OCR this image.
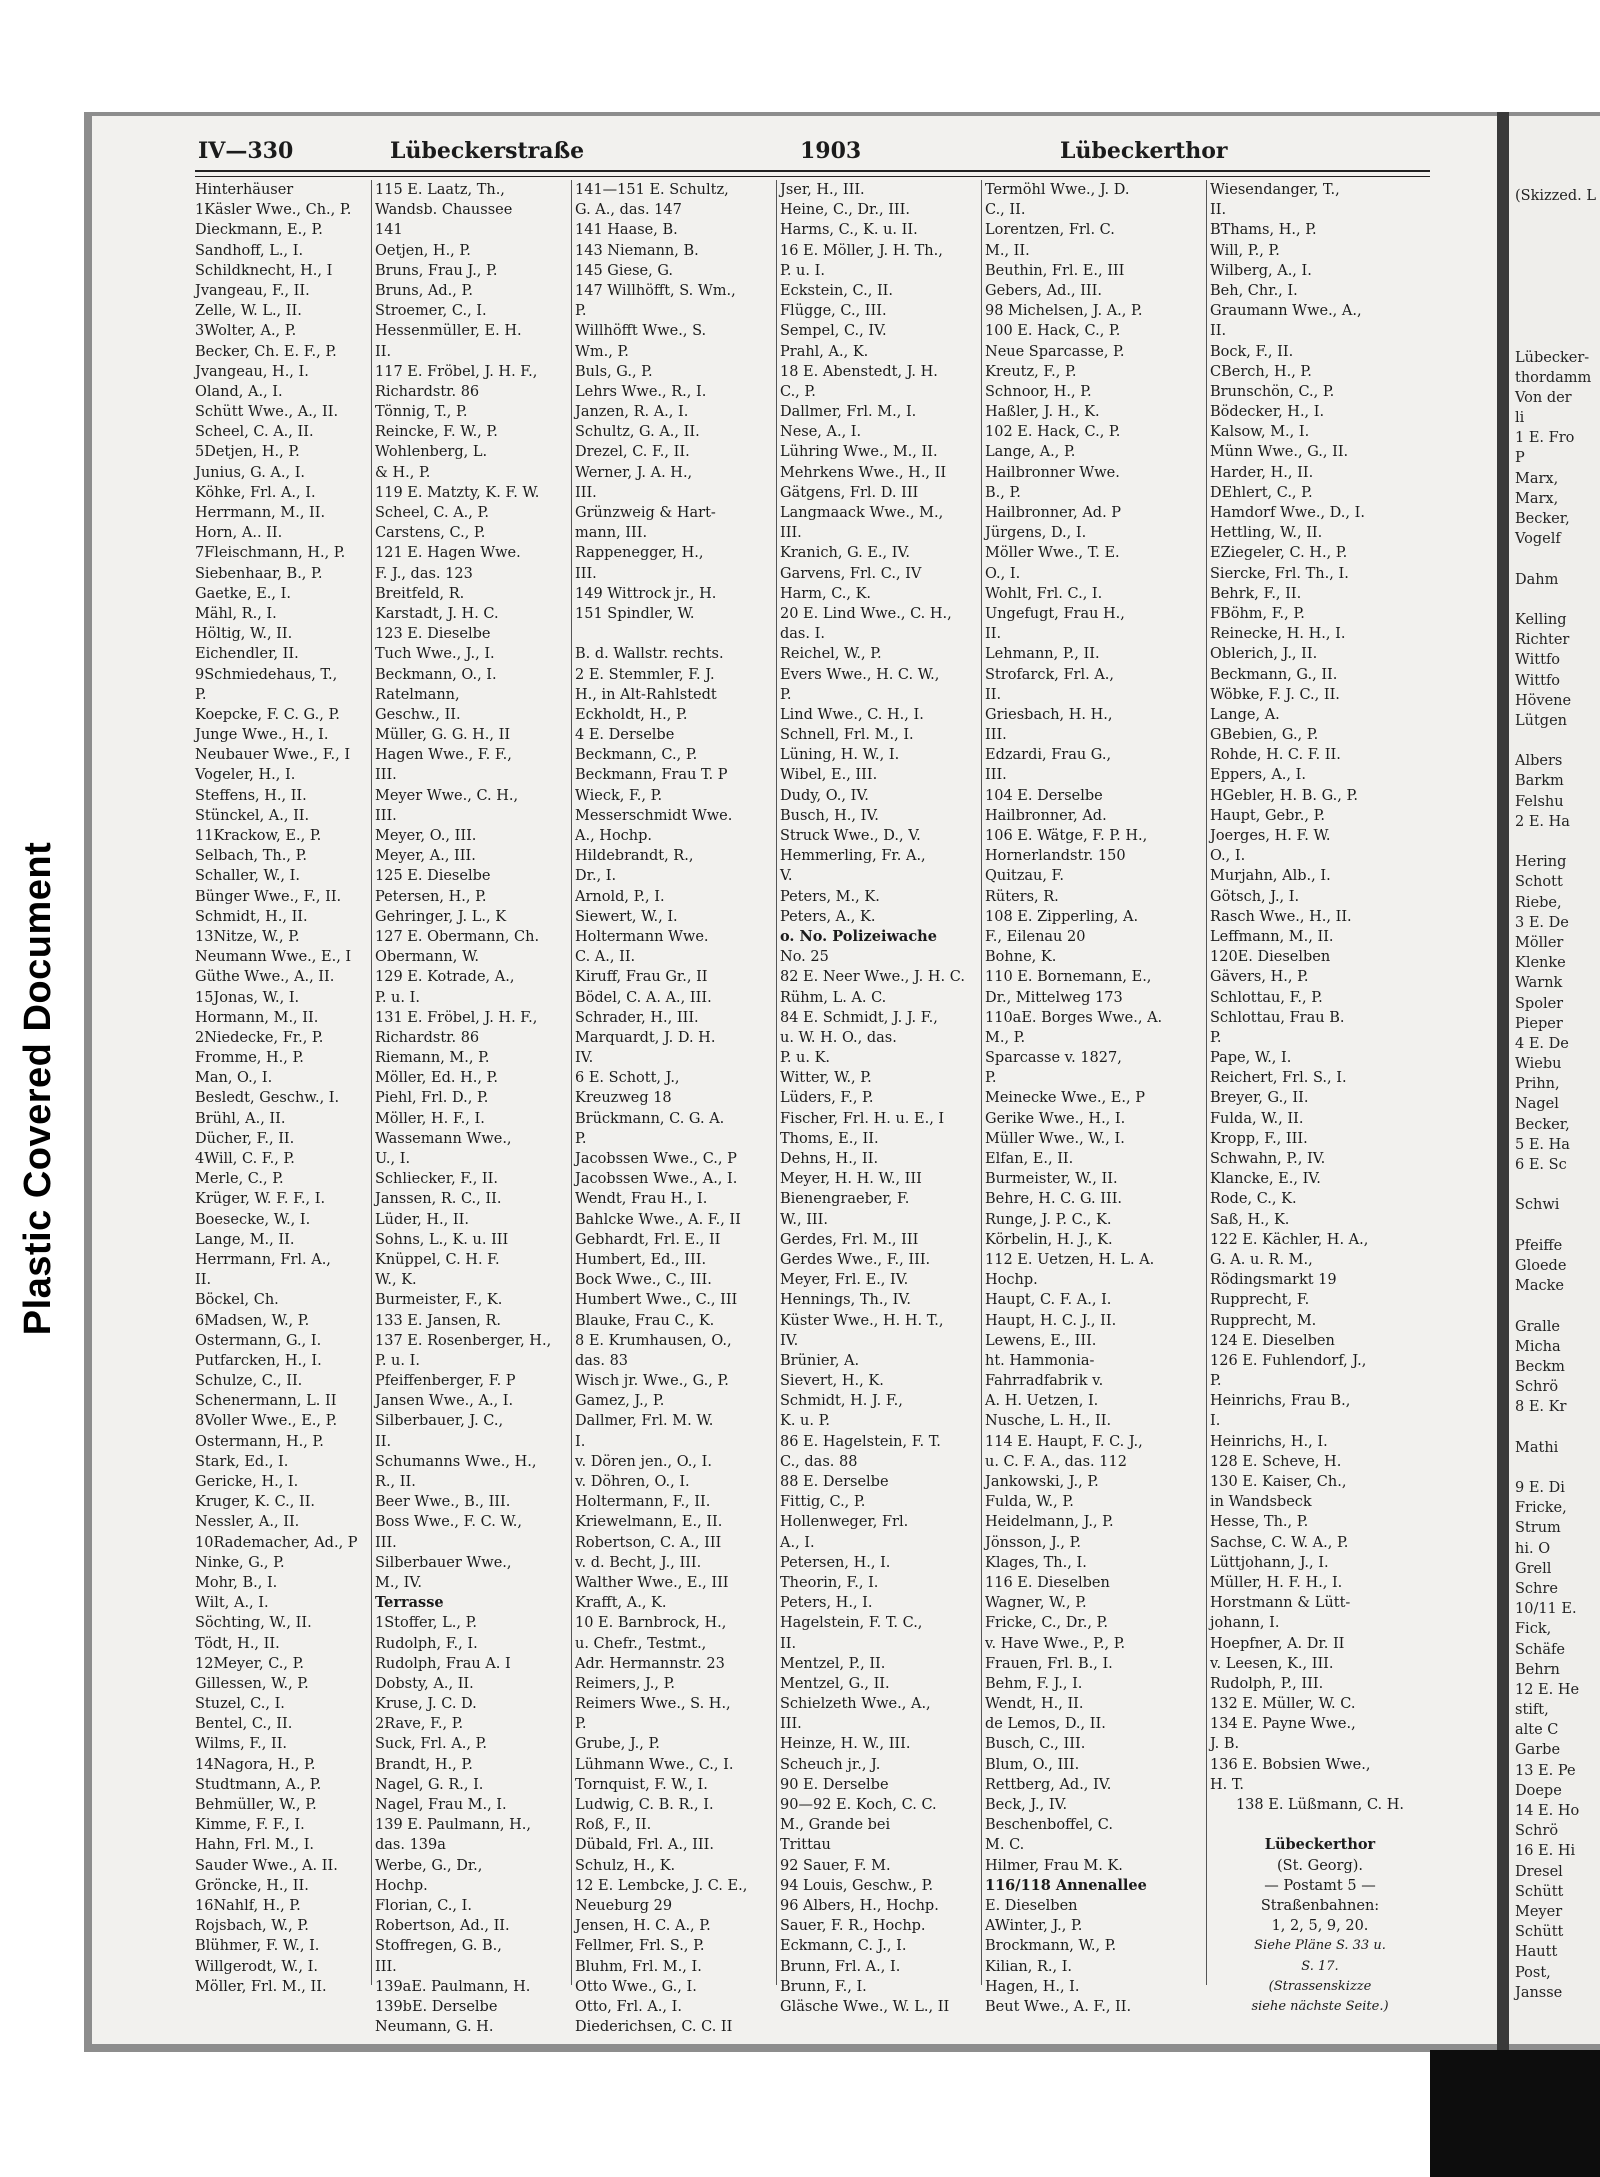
Plastic Covered Document
(Skizzed. L
Lübecker-
thordamm
Von der
li
1 E. Fro
P
Marx,
Marx,
Becker,
Vogelf
Dahm
Kelling
Richter
Wittfo
Wittfo
Hövene
Lütgen
Albers
Barkm
Felshu
2 E. Ha
Hering
Schott
Riebe,
3 E. De
Möller
Klenke
Warnk
Spoler
Pieper
4 E. De
Wiebu
Prihn,
Nagel
Becker,
5 E. Ha
6 E. Sc
Schwi
Pfeiffe
Gloede
Macke
Gralle
Micha
Beckm
Schrö
8 E. Kr
Mathi
9 E. Di
Fricke,
Strum
hi. O
Grell
Schre
10/11 E.
Fick,
Schäfe
Behrn
12 E. He
stift,
alte C
Garbe
13 E. Pe
Doepe
14 E. Ho
Schrö
16 E. Hi
Dresel
Schütt
Meyer
Schütt
Hautt
Post,
Jansse
IV—330	Lübeckerstraße	1903	Lübeckerthor
Hinterhäuser
1Käsler Wwe., Ch., P.
Dieckmann, E., P.
Sandhoff, L., I.
Schildknecht, H., I
Jvangeau, F., II.
Zelle, W. L., II.
3Wolter, A., P.
Becker, Ch. E. F., P.
Jvangeau, H., I.
Oland, A., I.
Schütt Wwe., A., II.
Scheel, C. A., II.
5Detjen, H., P.
Junius, G. A., I.
Köhke, Frl. A., I.
Herrmann, M., II.
Horn, A.. II.
7Fleischmann, H., P.
Siebenhaar, B., P.
Gaetke, E., I.
Mähl, R., I.
Höltig, W., II.
Eichendler, II.
9Schmiedehaus, T.,
P.
Koepcke, F. C. G., P.
Junge Wwe., H., I.
Neubauer Wwe., F., I
Vogeler, H., I.
Steffens, H., II.
Stünckel, A., II.
11Krackow, E., P.
Selbach, Th., P.
Schaller, W., I.
Bünger Wwe., F., II.
Schmidt, H., II.
13Nitze, W., P.
Neumann Wwe., E., I
Güthe Wwe., A., II.
15Jonas, W., I.
Hormann, M., II.
2Niedecke, Fr., P.
Fromme, H., P.
Man, O., I.
Besledt, Geschw., I.
Brühl, A., II.
Dücher, F., II.
4Will, C. F., P.
Merle, C., P.
Krüger, W. F. F., I.
Boesecke, W., I.
Lange, M., II.
Herrmann, Frl. A.,
II.
Böckel, Ch.
6Madsen, W., P.
Ostermann, G., I.
Putfarcken, H., I.
Schulze, C., II.
Schenermann, L. II
8Voller Wwe., E., P.
Ostermann, H., P.
Stark, Ed., I.
Gericke, H., I.
Kruger, K. C., II.
Nessler, A., II.
10Rademacher, Ad., P
Ninke, G., P.
Mohr, B., I.
Wilt, A., I.
Söchting, W., II.
Tödt, H., II.
12Meyer, C., P.
Gillessen, W., P.
Stuzel, C., I.
Bentel, C., II.
Wilms, F., II.
14Nagora, H., P.
Studtmann, A., P.
Behmüller, W., P.
Kimme, F. F., I.
Hahn, Frl. M., I.
Sauder Wwe., A. II.
Gröncke, H., II.
16Nahlf, H., P.
Rojsbach, W., P.
Blühmer, F. W., I.
Willgerodt, W., I.
Möller, Frl. M., II.
115 E. Laatz, Th.,
Wandsb. Chaussee
141
Oetjen, H., P.
Bruns, Frau J., P.
Bruns, Ad., P.
Stroemer, C., I.
Hessenmüller, E. H.
II.
117 E. Fröbel, J. H. F.,
Richardstr. 86
Tönnig, T., P.
Reincke, F. W., P.
Wohlenberg, L.
& H., P.
119 E. Matzty, K. F. W.
Scheel, C. A., P.
Carstens, C., P.
121 E. Hagen Wwe.
F. J., das. 123
Breitfeld, R.
Karstadt, J. H. C.
123 E. Dieselbe
Tuch Wwe., J., I.
Beckmann, O., I.
Ratelmann,
Geschw., II.
Müller, G. G. H., II
Hagen Wwe., F. F.,
III.
Meyer Wwe., C. H.,
III.
Meyer, O., III.
Meyer, A., III.
125 E. Dieselbe
Petersen, H., P.
Gehringer, J. L., K
127 E. Obermann, Ch.
Obermann, W.
129 E. Kotrade, A.,
P. u. I.
131 E. Fröbel, J. H. F.,
Richardstr. 86
Riemann, M., P.
Möller, Ed. H., P.
Piehl, Frl. D., P.
Möller, H. F., I.
Wassemann Wwe.,
U., I.
Schliecker, F., II.
Janssen, R. C., II.
Lüder, H., II.
Sohns, L., K. u. III
Knüppel, C. H. F.
W., K.
Burmeister, F., K.
133 E. Jansen, R.
137 E. Rosenberger, H.,
P. u. I.
Pfeiffenberger, F. P
Jansen Wwe., A., I.
Silberbauer, J. C.,
II.
Schumanns Wwe., H.,
R., II.
Beer Wwe., B., III.
Boss Wwe., F. C. W.,
III.
Silberbauer Wwe.,
M., IV.
Terrasse
1Stoffer, L., P.
Rudolph, F., I.
Rudolph, Frau A. I
Dobsty, A., II.
Kruse, J. C. D.
2Rave, F., P.
Suck, Frl. A., P.
Brandt, H., P.
Nagel, G. R., I.
Nagel, Frau M., I.
139 E. Paulmann, H.,
das. 139a
Werbe, G., Dr.,
Hochp.
Florian, C., I.
Robertson, Ad., II.
Stoffregen, G. B.,
III.
139aE. Paulmann, H.
139bE. Derselbe
Neumann, G. H.
141—151 E. Schultz,
G. A., das. 147
141 Haase, B.
143 Niemann, B.
145 Giese, G.
147 Willhöfft, S. Wm.,
P.
Willhöfft Wwe., S.
Wm., P.
Buls, G., P.
Lehrs Wwe., R., I.
Janzen, R. A., I.
Schultz, G. A., II.
Drezel, C. F., II.
Werner, J. A. H.,
III.
Grünzweig & Hart-
mann, III.
Rappenegger, H.,
III.
149 Wittrock jr., H.
151 Spindler, W.
B. d. Wallstr. rechts.
2 E. Stemmler, F. J.
H., in Alt-Rahlstedt
Eckholdt, H., P.
4 E. Derselbe
Beckmann, C., P.
Beckmann, Frau T. P
Wieck, F., P.
Messerschmidt Wwe.
A., Hochp.
Hildebrandt, R.,
Dr., I.
Arnold, P., I.
Siewert, W., I.
Holtermann Wwe.
C. A., II.
Kiruff, Frau Gr., II
Bödel, C. A. A., III.
Schrader, H., III.
Marquardt, J. D. H.
IV.
6 E. Schott, J.,
Kreuzweg 18
Brückmann, C. G. A.
P.
Jacobssen Wwe., C., P
Jacobssen Wwe., A., I.
Wendt, Frau H., I.
Bahlcke Wwe., A. F., II
Gebhardt, Frl. E., II
Humbert, Ed., III.
Bock Wwe., C., III.
Humbert Wwe., C., III
Blauke, Frau C., K.
8 E. Krumhausen, O.,
das. 83
Wisch jr. Wwe., G., P.
Gamez, J., P.
Dallmer, Frl. M. W.
I.
v. Dören jen., O., I.
v. Döhren, O., I.
Holtermann, F., II.
Kriewelmann, E., II.
Robertson, C. A., III
v. d. Becht, J., III.
Walther Wwe., E., III
Krafft, A., K.
10 E. Barnbrock, H.,
u. Chefr., Testmt.,
Adr. Hermannstr. 23
Reimers, J., P.
Reimers Wwe., S. H.,
P.
Grube, J., P.
Lühmann Wwe., C., I.
Tornquist, F. W., I.
Ludwig, C. B. R., I.
Roß, F., II.
Dübald, Frl. A., III.
Schulz, H., K.
12 E. Lembcke, J. C. E.,
Neueburg 29
Jensen, H. C. A., P.
Fellmer, Frl. S., P.
Bluhm, Frl. M., I.
Otto Wwe., G., I.
Otto, Frl. A., I.
Diederichsen, C. C. II
Jser, H., III.
Heine, C., Dr., III.
Harms, C., K. u. II.
16 E. Möller, J. H. Th.,
P. u. I.
Eckstein, C., II.
Flügge, C., III.
Sempel, C., IV.
Prahl, A., K.
18 E. Abenstedt, J. H.
C., P.
Dallmer, Frl. M., I.
Nese, A., I.
Lühring Wwe., M., II.
Mehrkens Wwe., H., II
Gätgens, Frl. D. III
Langmaack Wwe., M.,
III.
Kranich, G. E., IV.
Garvens, Frl. C., IV
Harm, C., K.
20 E. Lind Wwe., C. H.,
das. I.
Reichel, W., P.
Evers Wwe., H. C. W.,
P.
Lind Wwe., C. H., I.
Schnell, Frl. M., I.
Lüning, H. W., I.
Wibel, E., III.
Dudy, O., IV.
Busch, H., IV.
Struck Wwe., D., V.
Hemmerling, Fr. A.,
V.
Peters, M., K.
Peters, A., K.
o. No. Polizeiwache
No. 25
82 E. Neer Wwe., J. H. C.
Rühm, L. A. C.
84 E. Schmidt, J. J. F.,
u. W. H. O., das.
P. u. K.
Witter, W., P.
Lüders, F., P.
Fischer, Frl. H. u. E., I
Thoms, E., II.
Dehns, H., II.
Meyer, H. H. W., III
Bienengraeber, F.
W., III.
Gerdes, Frl. M., III
Gerdes Wwe., F., III.
Meyer, Frl. E., IV.
Hennings, Th., IV.
Küster Wwe., H. H. T.,
IV.
Brünier, A.
Sievert, H., K.
Schmidt, H. J. F.,
K. u. P.
86 E. Hagelstein, F. T.
C., das. 88
88 E. Derselbe
Fittig, C., P.
Hollenweger, Frl.
A., I.
Petersen, H., I.
Theorin, F., I.
Peters, H., I.
Hagelstein, F. T. C.,
II.
Mentzel, P., II.
Mentzel, G., II.
Schielzeth Wwe., A.,
III.
Heinze, H. W., III.
Scheuch jr., J.
90 E. Derselbe
90—92 E. Koch, C. C.
M., Grande bei
Trittau
92 Sauer, F. M.
94 Louis, Geschw., P.
96 Albers, H., Hochp.
Sauer, F. R., Hochp.
Eckmann, C. J., I.
Brunn, Frl. A., I.
Brunn, F., I.
Gläsche Wwe., W. L., II
Termöhl Wwe., J. D.
C., II.
Lorentzen, Frl. C.
M., II.
Beuthin, Frl. E., III
Gebers, Ad., III.
98 Michelsen, J. A., P.
100 E. Hack, C., P.
Neue Sparcasse, P.
Kreutz, F., P.
Schnoor, H., P.
Haßler, J. H., K.
102 E. Hack, C., P.
Lange, A., P.
Hailbronner Wwe.
B., P.
Hailbronner, Ad. P
Jürgens, D., I.
Möller Wwe., T. E.
O., I.
Wohlt, Frl. C., I.
Ungefugt, Frau H.,
II.
Lehmann, P., II.
Strofarck, Frl. A.,
II.
Griesbach, H. H.,
III.
Edzardi, Frau G.,
III.
104 E. Derselbe
Hailbronner, Ad.
106 E. Wätge, F. P. H.,
Hornerlandstr. 150
Quitzau, F.
Rüters, R.
108 E. Zipperling, A.
F., Eilenau 20
Bohne, K.
110 E. Bornemann, E.,
Dr., Mittelweg 173
110aE. Borges Wwe., A.
M., P.
Sparcasse v. 1827,
P.
Meinecke Wwe., E., P
Gerike Wwe., H., I.
Müller Wwe., W., I.
Elfan, E., II.
Burmeister, W., II.
Behre, H. C. G. III.
Runge, J. P. C., K.
Körbelin, H. J., K.
112 E. Uetzen, H. L. A.
Hochp.
Haupt, C. F. A., I.
Haupt, H. C. J., II.
Lewens, E., III.
ht. Hammonia-
Fahrradfabrik v.
A. H. Uetzen, I.
Nusche, L. H., II.
114 E. Haupt, F. C. J.,
u. C. F. A., das. 112
Jankowski, J., P.
Fulda, W., P.
Heidelmann, J., P.
Jönsson, J., P.
Klages, Th., I.
116 E. Dieselben
Wagner, W., P.
Fricke, C., Dr., P.
v. Have Wwe., P., P.
Frauen, Frl. B., I.
Behm, F. J., I.
Wendt, H., II.
de Lemos, D., II.
Busch, C., III.
Blum, O., III.
Rettberg, Ad., IV.
Beck, J., IV.
Beschenboffel, C.
M. C.
Hilmer, Frau M. K.
116/118 Annenallee
E. Dieselben
AWinter, J., P.
Brockmann, W., P.
Kilian, R., I.
Hagen, H., I.
Beut Wwe., A. F., II.
Wiesendanger, T.,
II.
BThams, H., P.
Will, P., P.
Wilberg, A., I.
Beh, Chr., I.
Graumann Wwe., A.,
II.
Bock, F., II.
CBerch, H., P.
Brunschön, C., P.
Bödecker, H., I.
Kalsow, M., I.
Münn Wwe., G., II.
Harder, H., II.
DEhlert, C., P.
Hamdorf Wwe., D., I.
Hettling, W., II.
EZiegeler, C. H., P.
Siercke, Frl. Th., I.
Behrk, F., II.
FBöhm, F., P.
Reinecke, H. H., I.
Oblerich, J., II.
Beckmann, G., II.
Wöbke, F. J. C., II.
Lange, A.
GBebien, G., P.
Rohde, H. C. F. II.
Eppers, A., I.
HGebler, H. B. G., P.
Haupt, Gebr., P.
Joerges, H. F. W.
O., I.
Murjahn, Alb., I.
Götsch, J., I.
Rasch Wwe., H., II.
Leffmann, M., II.
120E. Dieselben
Gävers, H., P.
Schlottau, F., P.
Schlottau, Frau B.
P.
Pape, W., I.
Reichert, Frl. S., I.
Breyer, G., II.
Fulda, W., II.
Kropp, F., III.
Schwahn, P., IV.
Klancke, E., IV.
Rode, C., K.
Saß, H., K.
122 E. Kächler, H. A.,
G. A. u. R. M.,
Rödingsmarkt 19
Rupprecht, F.
Rupprecht, M.
124 E. Dieselben
126 E. Fuhlendorf, J.,
P.
Heinrichs, Frau B.,
I.
Heinrichs, H., I.
128 E. Scheve, H.
130 E. Kaiser, Ch.,
in Wandsbeck
Hesse, Th., P.
Sachse, C. W. A., P.
Lüttjohann, J., I.
Müller, H. F. H., I.
Horstmann & Lütt-
johann, I.
Hoepfner, A. Dr. II
v. Leesen, K., III.
Rudolph, P., III.
132 E. Müller, W. C.
134 E. Payne Wwe.,
J. B.
136 E. Bobsien Wwe.,
H. T.
138 E. Lüßmann, C. H.
Lübeckerthor
(St. Georg).
— Postamt 5 —
Straßenbahnen:
1, 2, 5, 9, 20.
Siehe Pläne S. 33 u.
S. 17.
(Strassenskizze
siehe nächste Seite.)
